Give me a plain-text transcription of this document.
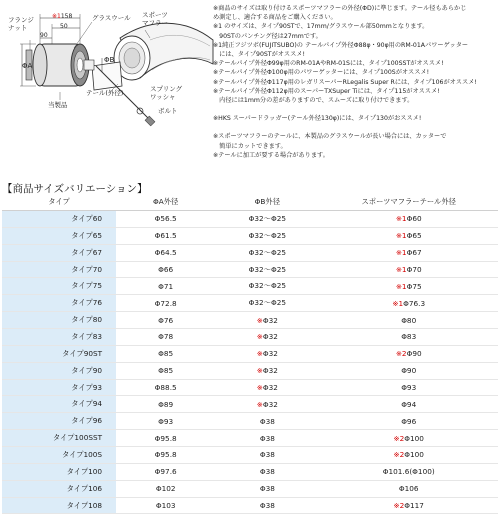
フランジ
ナット
グラスウール スポーツ
マフラー
※1158
50
90
ΦA
ΦB
テール(外径)	スプリング
ワッシャ
ボルト
当製品

※商品のサイズは取り付けるスポーツマフラーの外径(ΦD)に準じます。テール径もあらかじ

め測定し、適合する商品をご購入ください。

※1 のサイズは、タイプ90STで、17mm/グラスウール部50mmとなります。

　90STのパンチング径は27mmです。

※1純正フジツボ(FUJITSUBO)の テールパイプ外径Φ88φ・90φ用のRM-01Aパワーゲッター

　には、タイプ90STがオススメ!

※テールパイプ外径Φ99φ用のRM-01AやRM-01Sには、タイプ100SSTがオススメ!

※テールパイプ外径Φ100φ用のパワーゲッターには、タイプ100Sがオススメ!

※テールパイプ外径Φ117φ用のレガリスーパーRLegalis Super Rには、タイプ106がオススメ!

※テールパイプ外径Φ112φ用のスーパーTXSuper Tiには、タイプ115がオススメ!

　内径には1mm分の差がありますので、スムーズに取り付けできます。

※HKS スーパードラッガー(テール外径130φ)には、タイプ130がおススメ!

※スポーツマフラーのテールに、本製品のグラスウールが長い場合には、カッターで

　簡単にカットできます。

※テールに加工が要する場合があります。

【商品サイズバリエーション】
タイプ	ΦA外径	ΦB外径	スポーツマフラーテール外径
タイプ60	Φ56.5	Φ32～Φ25	※1Φ60
タイプ65	Φ61.5	Φ32～Φ25	※1Φ65
タイプ67	Φ64.5	Φ32～Φ25	※1Φ67
タイプ70	Φ66	Φ32～Φ25	※1Φ70
タイプ75	Φ71	Φ32～Φ25	※1Φ75
タイプ76	Φ72.8	Φ32～Φ25	※1Φ76.3
タイプ80	Φ76	※Φ32	Φ80
タイプ83	Φ78	※Φ32	Φ83
タイプ90ST	Φ85	※Φ32	※2Φ90
タイプ90	Φ85	※Φ32	Φ90
タイプ93	Φ88.5	※Φ32	Φ93
タイプ94	Φ89	※Φ32	Φ94
タイプ96	Φ93	Φ38	Φ96
タイプ100SST	Φ95.8	Φ38	※2Φ100
タイプ100S	Φ95.8	Φ38	※2Φ100
タイプ100	Φ97.6	Φ38	Φ101.6(Φ100)
タイプ106	Φ102	Φ38	Φ106
タイプ108	Φ103	Φ38	※2Φ117
